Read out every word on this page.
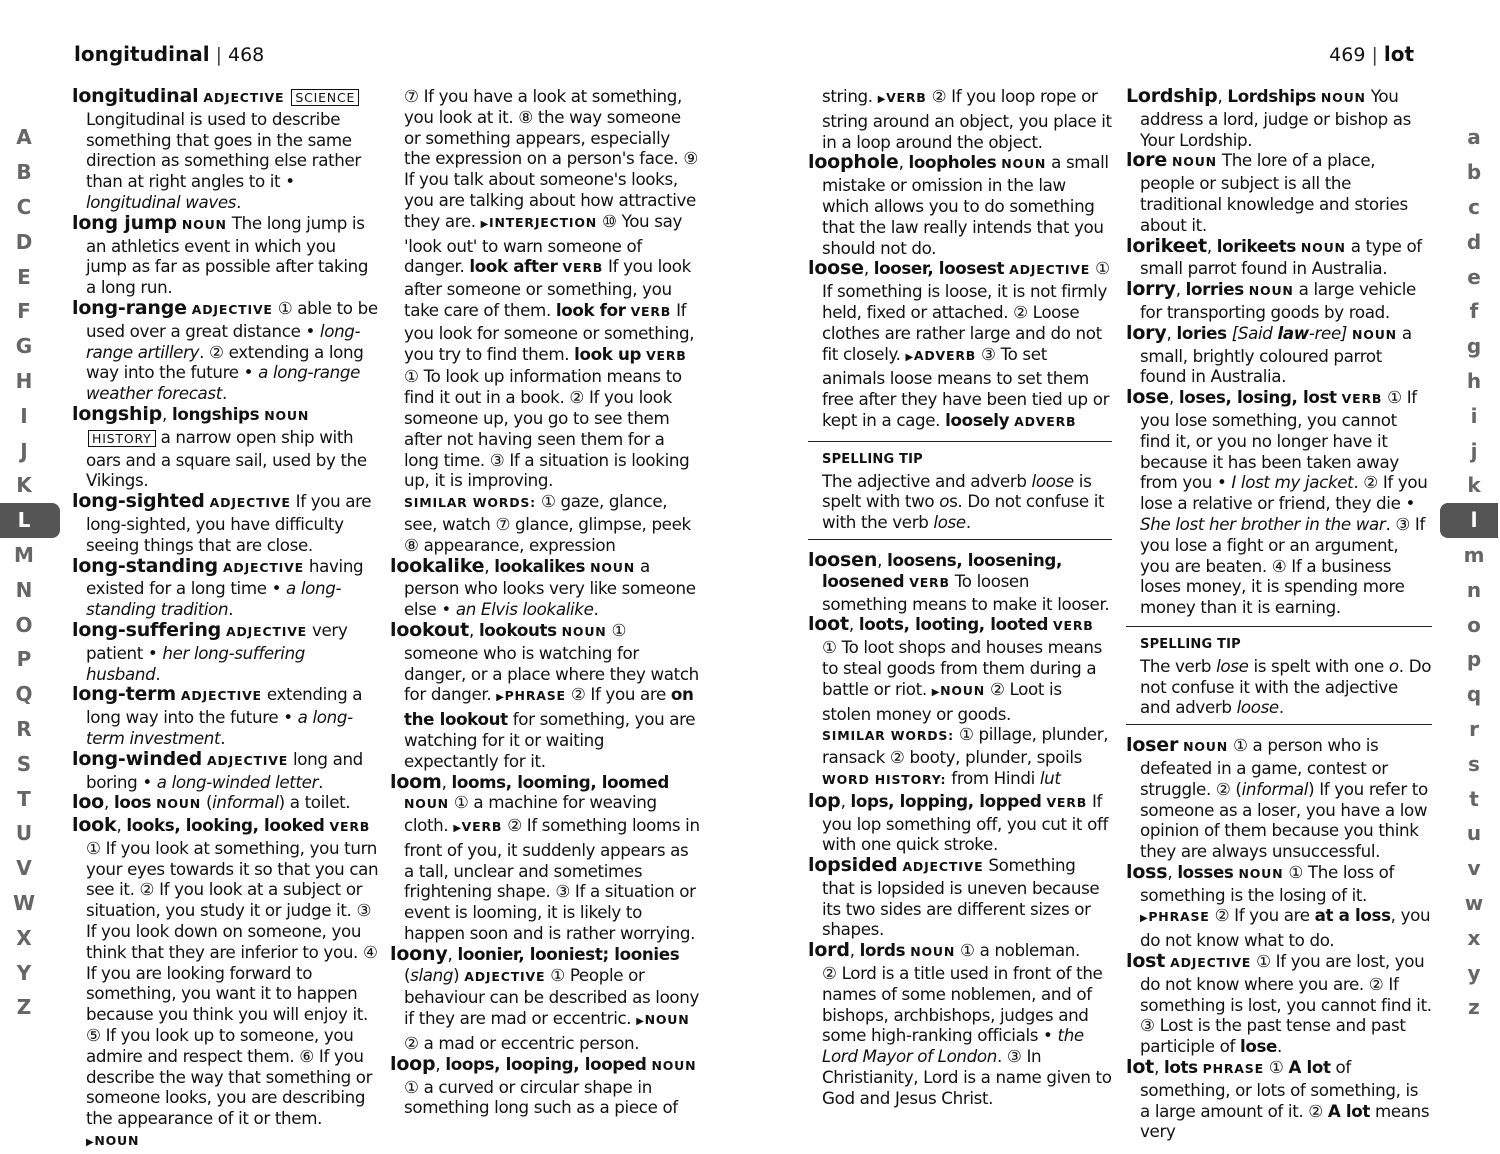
longitudinal | 468	469 | lot
A
B
C
D
E
F
G
H
I
J
K
L
M
N
O
P
Q
R
S
T
U
V
W
X
Y
Z
a
b
c
d
e
f
g
h
i
j
k
l
m
n
o
p
q
r
s
t
u
v
w
x
y
z
longitudinal ADJECTIVE SCIENCE
Longitudinal is used to describe something that goes in the same direction as something else rather than at right angles to it • longitudinal waves.
long jump NOUN The long jump is an athletics event in which you jump as far as possible after taking a long run.
long-range ADJECTIVE ① able to be used over a great distance • long-range artillery. ② extending a long way into the future • a long-range weather forecast.
longship, longships NOUN HISTORY a narrow open ship with oars and a square sail, used by the Vikings.
long-sighted ADJECTIVE If you are long-sighted, you have difficulty seeing things that are close.
long-standing ADJECTIVE having existed for a long time • a long-standing tradition.
long-suffering ADJECTIVE very patient • her long-suffering husband.
long-term ADJECTIVE extending a long way into the future • a long-term investment.
long-winded ADJECTIVE long and boring • a long-winded letter.
loo, loos NOUN (informal) a toilet.
look, looks, looking, looked VERB
① If you look at something, you turn your eyes towards it so that you can see it. ② If you look at a subject or situation, you study it or judge it. ③ If you look down on someone, you think that they are inferior to you. ④ If you are looking forward to something, you want it to happen because you think you will enjoy it. ⑤ If you look up to someone, you admire and respect them. ⑥ If you describe the way that something or someone looks, you are describing the appearance of it or them. ▶NOUN
⑦ If you have a look at something, you look at it. ⑧ the way someone or something appears, especially the expression on a person's face. ⑨ If you talk about someone's looks, you are talking about how attractive they are. ▶INTERJECTION ⑩ You say 'look out' to warn someone of danger. look after VERB If you look after someone or something, you take care of them. look for VERB If you look for someone or something, you try to find them. look up VERB ① To look up information means to find it out in a book. ② If you look someone up, you go to see them after not having seen them for a long time. ③ If a situation is looking up, it is improving.
SIMILAR WORDS: ① gaze, glance, see, watch ⑦ glance, glimpse, peek ⑧ appearance, expression
lookalike, lookalikes NOUN a person who looks very like someone else • an Elvis lookalike.
lookout, lookouts NOUN ① someone who is watching for danger, or a place where they watch for danger. ▶PHRASE ② If you are on the lookout for something, you are watching for it or waiting expectantly for it.
loom, looms, looming, loomed NOUN ① a machine for weaving cloth. ▶VERB ② If something looms in front of you, it suddenly appears as a tall, unclear and sometimes frightening shape. ③ If a situation or event is looming, it is likely to happen soon and is rather worrying.
loony, loonier, looniest; loonies (slang) ADJECTIVE ① People or behaviour can be described as loony if they are mad or eccentric. ▶NOUN ② a mad or eccentric person.
loop, loops, looping, looped NOUN ① a curved or circular shape in something long such as a piece of
string. ▶VERB ② If you loop rope or string around an object, you place it in a loop around the object.
loophole, loopholes NOUN a small mistake or omission in the law which allows you to do something that the law really intends that you should not do.
loose, looser, loosest ADJECTIVE ① If something is loose, it is not firmly held, fixed or attached. ② Loose clothes are rather large and do not fit closely. ▶ADVERB ③ To set animals loose means to set them free after they have been tied up or kept in a cage. loosely ADVERB
SPELLING TIP
The adjective and adverb loose is spelt with two os. Do not confuse it with the verb lose.
loosen, loosens, loosening, loosened VERB To loosen something means to make it looser.
loot, loots, looting, looted VERB
① To loot shops and houses means to steal goods from them during a battle or riot. ▶NOUN ② Loot is stolen money or goods.
SIMILAR WORDS: ① pillage, plunder, ransack ② booty, plunder, spoils
WORD HISTORY: from Hindi lut
lop, lops, lopping, lopped VERB If you lop something off, you cut it off with one quick stroke.
lopsided ADJECTIVE Something that is lopsided is uneven because its two sides are different sizes or shapes.
lord, lords NOUN ① a nobleman.
② Lord is a title used in front of the names of some noblemen, and of bishops, archbishops, judges and some high-ranking officials • the Lord Mayor of London. ③ In Christianity, Lord is a name given to God and Jesus Christ.
Lordship, Lordships NOUN You address a lord, judge or bishop as Your Lordship.
lore NOUN The lore of a place, people or subject is all the traditional knowledge and stories about it.
lorikeet, lorikeets NOUN a type of small parrot found in Australia.
lorry, lorries NOUN a large vehicle for transporting goods by road.
lory, lories [Said law-ree] NOUN a small, brightly coloured parrot found in Australia.
lose, loses, losing, lost VERB ① If you lose something, you cannot find it, or you no longer have it because it has been taken away from you • I lost my jacket. ② If you lose a relative or friend, they die • She lost her brother in the war. ③ If you lose a fight or an argument, you are beaten. ④ If a business loses money, it is spending more money than it is earning.
SPELLING TIP
The verb lose is spelt with one o. Do not confuse it with the adjective and adverb loose.
loser NOUN ① a person who is defeated in a game, contest or struggle. ② (informal) If you refer to someone as a loser, you have a low opinion of them because you think they are always unsuccessful.
loss, losses NOUN ① The loss of something is the losing of it. ▶PHRASE ② If you are at a loss, you do not know what to do.
lost ADJECTIVE ① If you are lost, you do not know where you are. ② If something is lost, you cannot find it. ③ Lost is the past tense and past participle of lose.
lot, lots PHRASE ① A lot of something, or lots of something, is a large amount of it. ② A lot means very
